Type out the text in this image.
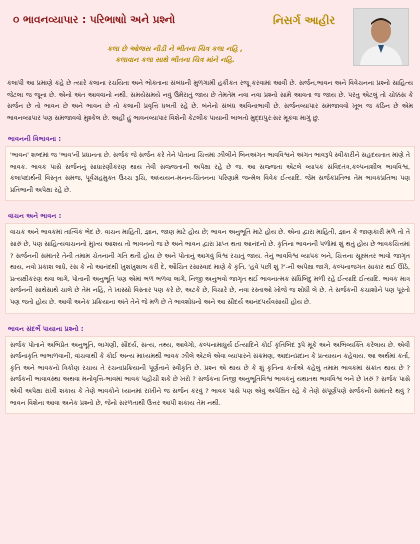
૦ ભાવનવ્યાપાર : પરિભાષાો અને પ્રશ્નો	નિસર્ગ આહીર
કલા છે ઓજસ નીડી ને ભીતના ચિત્ર કલા નહિ ,
કલાવાન કલા સાથે ભીતના ચિત્ર માંને નહિ.
કલાપી આ પ્રમાણે કહે છે ત્યારે કલાના રચયિતા અને ભોક્તાના સંબંધની મુળગામી હકીકત રજૂ કરવામાં આવી છે. સર્જન,ભાવન અને વિવેચનના પ્રશ્નો સાહિત્ય જેટલા જ જૂના છે. એનો અંત આવવાનો નથી. સમયેસમયે નવું ઉમેરાતું જાય છે તેમતેમ નવા નવા પ્રશ્નો સામે આવતા જ જાય છે. પરંતુ એટલું તો ચોક્કસ કે સર્જન છે તો ભાવન છે અને ભાવન છે તો કલાની પ્રવૃત્તિ ધબતી રહે છે. બંનેનો સંબંધ અવિનાભાવી છે. સર્જનવ્યાપાર સમજાવવો ખૂબ જ કઠિન છે એમ ભાવનવ્યાપાર પણ સમજાવવો મુશ્કેલ છે. અહીં હું ભાવનવ્યાપાર વિશેની કેટલીક પાયાની બાબતો મુદ્દાપુરઃસર મૂકવા માગું છું.
ભાવનની વિભાવના :
'ભાવન' શબ્દમાં જ 'ભાવ'ની પ્રધાનતા છે. સર્જક જે સર્જન કરે તેને પોતાના ચિત્તમાં ઝીલીને બિનઅંગત ભાવવિશ્વને અંગત ભાવરૂપે સ્વીકારીને સહૃદયતાત માંણે તે ભાવક. ભાવક પાસે સર્જનનું સાધારણીકરણ થાય તેવી સજ્જતાની અપેક્ષા રહે છે જ. આ સજ્જતા એટલે વ્યાપક સંવિદતંત્ર,કલ્પનાશીલ ભાવવિશ્વ, કલાપદાર્થની વિસ્તૃત સમજ, પૂર્વગ્રહમુક્ત ઉચ્ચ રૂચિ, અધ્યયન-મનન-ચિંતનના પરિણામે જન્મેલ વિવેક ઈત્યાદિ. જેમ સર્જકપ્રતિભા તેમ ભાવકપ્રતિભા પણ પ્રતિભાની અપેક્ષા રહે છે.
વાચન અને ભાવન :
વાચક અને ભાવકમાં તાત્વિક ભેદ છે. વાચન માહિતી, જ્ઞાન, જાણ માટે હોય છે; ભાવન અનુભૂતિ માટે હોય છે. એના દ્વારા માહિતી, જ્ઞાન કે જાણકારી મળે તો તે સારું છે, પણ સાહિત્યવાચનનો મુખ્ય આશય તો ભાવનનો જ છે અને ભાવન દ્વારા પ્રાપ્ત થતા આનંદનો છે. કૃતિના ભાવનની પળોમાં શું થતું હોય છે ભાવકચિત્તમાં ? સર્જનની સમાંતરે તેની તમામ ચેતનાની ગતિ થતી હોય છે અને પોતાનું આગવું વિશ્વ રચાતું જાય. તેનું ભાવવિશ્વ વ્યાપક બને, ચિત્તના સૂક્ષ્મતર ભાવો જાગૃત થાય, નવો પ્રકાશ લાધે, રસ કે નો આનંદથી ખુશખુશાલ કરી દે, ઔચિત રસાસ્વાદ માણે કે કૃતિ, 'હવે પછી શું ?'-ની અપેક્ષા જાગે, કલ્પનાજગત સાકાર થઈ ઊઠે, પ્રત્યક્ષીકરણ થવા લાગે, પોતાની અનુભૂતિ પણ એમાં ભળ ભળવા લાગે, નિજી અનુભવો જાગૃત થઈ ભાવનાત્મક સંધિબિંદુ મળી રહે ઈત્યાદિ ઈત્યાદિ. ભાવક માત્ર સર્જનની સાથેસાથે ચાલે છે તેમ નહિ, તે ખાસ્સો વિસ્તાર પણ કરે છે, અટકે છે, વિચારે છે, નવા રસ્તાઓ ખોજે જ શોધી લે છે. તે સર્જકની કચાશોને પણ પૂરતો પણ જતો હોય છે. આવી અનેક પ્રક્રિયાના અંતે તેને જે મળે છે તે ભાવશોધનો અને આ સૌંદર્ય આનંદપર્યવસાયી હોય છે.
ભાવન સંદર્ભે પાયાના પ્રશ્નો :
સર્જક પોતાને અભિપ્રેત અનુભૂતિ, લાગણી, સૌંદર્ય, સત્ય, તથ્ય, આવેગો, કલ્પનામાધુર્ય ઈત્યાદિને કોઈ કૃતિબિંદ રૂપે મૂકે અને અભિવ્યક્તિ કરેલાય છે. એવી સર્જનાકૃતિ ભાભાળવાની, વાંચવાથી કે કોઈ અન્ય માધ્યમથી ભાવક ઝીલે એટલે એવા વ્યાપારને સંક્રમણ, આદાનપ્રદાન કે પ્રત્યાયન કહેવાય. આ અર્થમાં કર્તા, કૃતિ અને ભાવકનો ત્રિકોણ રચાય તે રચનાપ્રક્રિયાની પૂર્ણતાને સ્વીકૃતિ છે. પ્રશ્ન એ થાય છે કે શું કૃતિના કર્તાએ કહેલું તમામ ભાવકમાં સંક્રાંત થાય છે ? સર્જકની ભાવાવસ્થા અથવા મનોવૃત્તિ-ભાવમાં ભાવક પહોંચી શકે છે ખરો ? સર્જકના નિજી અનુભૂતિવિશ્વ ભાવકનું યથાતથ ભાવવિશ્વ બને છે ખરું ? સર્જક પાસે એવી અપેક્ષા રાખી શકાય કે તેણે ભાવકોને ધ્યાનમાં રાખીને જ સર્જન કરવું ? ભાવક પાસે પણ એવું અપેક્ષિત રહે કે તેણે સંપૂર્ણપણે સર્જકની સમાંતરે થવું ? ભાવન વિશેના આવા અનેક પ્રશ્નો છે, જેનો સરળતાથી ઉત્તર આપી શકાય તેમ નથી.
